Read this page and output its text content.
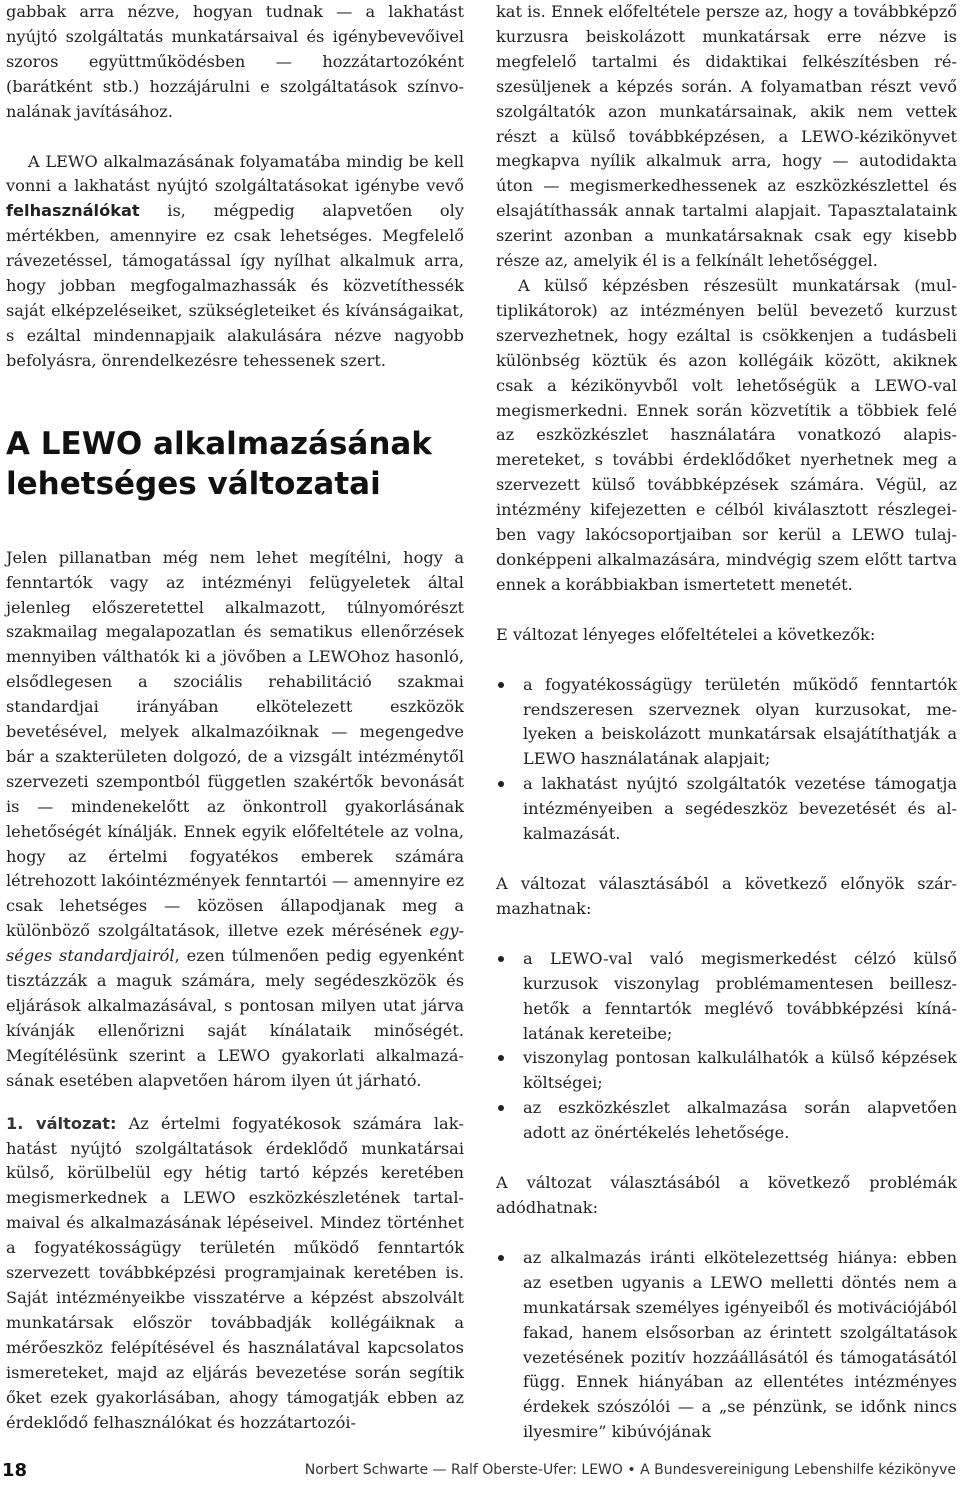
gabbak arra nézve, hogyan tudnak — a lakhatást nyújtó szolgáltatás munkatársaival és igénybevevőivel szoros együttműködésben — hozzátartozóként (barátként stb.) hozzájárulni e szolgáltatások színvonalának javításához.

A LEWO alkalmazásának folyamatába mindig be kell vonni a lakhatást nyújtó szolgáltatásokat igénybe vevő felhasználókat is, mégpedig alapvetően oly mértékben, amennyire ez csak lehetséges. Megfelelő rávezetéssel, támogatással így nyílhat alkalmuk arra, hogy jobban megfogalmazhassák és közvetíthessék saját elképzeléseiket, szükségleteiket és kívánságaikat, s ezáltal mindennapjaik alakulására nézve nagyobb befolyásra, önrendelkezésre tehessenek szert.

A LEWO alkalmazásának lehetséges változatai

Jelen pillanatban még nem lehet megítélni, hogy a fenntartók vagy az intézményi felügyeletek által jelenleg előszeretettel alkalmazott, túlnyomórészt szakmailag megalapozatlan és sematikus ellenőrzések mennyiben válthatók ki a jövőben a LEWOhoz hasonló, elsődlegesen a szociális rehabilitáció szakmai standardjai irányában elkötelezett eszközök bevetésével, melyek alkalmazóiknak — megengedve bár a szakterületen dolgozó, de a vizsgált intézménytől szervezeti szempontból független szakértők bevonását is — mindenekelőtt az önkontroll gyakorlásának lehetőségét kínálják. Ennek egyik előfeltétele az volna, hogy az értelmi fogyatékos emberek számára létrehozott lakóintézmények fenntartói — amennyire ez csak lehetséges — közösen állapodjanak meg a különböző szolgáltatások, illetve ezek mérésének egységes standardjairól, ezen túlmenően pedig egyenként tisztázzák a maguk számára, mely segédeszközök és eljárások alkalmazásával, s pontosan milyen utat járva kívánják ellenőrizni saját kínálataik minőségét. Megítélésünk szerint a LEWO gyakorlati alkalmazásának esetében alapvetően három ilyen út járható.

1. változat: Az értelmi fogyatékosok számára lakhatást nyújtó szolgáltatások érdeklődő munkatársai külső, körülbelül egy hétig tartó képzés keretében megismerkednek a LEWO eszközkészletének tartalmaival és alkalmazásának lépéseivel. Mindez történhet a fogyatékosságügy területén működő fenntartók szervezett továbbképzési programjainak keretében is. Saját intézményeikbe visszatérve a képzést abszolvált munkatársak először továbbadják kollégáiknak a mérőeszköz felépítésével és használatával kapcsolatos ismereteket, majd az eljárás bevezetése során segítik őket ezek gyakorlásában, ahogy támogatják ebben az érdeklődő felhasználókat és hozzátartozói-

kat is. Ennek előfeltétele persze az, hogy a továbbképző kurzusra beiskolázott munkatársak erre nézve is megfelelő tartalmi és didaktikai felkészítésben részesüljenek a képzés során. A folyamatban részt vevő szolgáltatók azon munkatársainak, akik nem vettek részt a külső továbbképzésen, a LEWO-kézikönyvet megkapva nyílik alkalmuk arra, hogy — autodidakta úton — megismerkedhessenek az eszközkészlettel és elsajátíthassák annak tartalmi alapjait. Tapasztalataink szerint azonban a munkatársaknak csak egy kisebb része az, amelyik él is a felkínált lehetőséggel.

A külső képzésben részesült munkatársak (multiplikátorok) az intézményen belül bevezető kurzust szervezhetnek, hogy ezáltal is csökkenjen a tudásbeli különbség köztük és azon kollégáik között, akiknek csak a kézikönyvből volt lehetőségük a LEWO-val megismerkedni. Ennek során közvetítik a többiek felé az eszközkészlet használatára vonatkozó alapismereteket, s további érdeklődőket nyerhetnek meg a szervezett külső továbbképzések számára. Végül, az intézmény kifejezetten e célból kiválasztott részlegeiben vagy lakócsoportjaiban sor kerül a LEWO tulajdonképpeni alkalmazására, mindvégig szem előtt tartva ennek a korábbiakban ismertetett menetét.

E változat lényeges előfeltételei a következők:

a fogyatékosságügy területén működő fenntartók rendszeresen szerveznek olyan kurzusokat, melyeken a beiskolázott munkatársak elsajátíthatják a LEWO használatának alapjait;
a lakhatást nyújtó szolgáltatók vezetése támogatja intézményeiben a segédeszköz bevezetését és alkalmazását.

A változat választásából a következő előnyök származhatnak:

a LEWO-val való megismerkedést célzó külső kurzusok viszonylag problémamentesen beilleszhetők a fenntartók meglévő továbbképzési kínálatának kereteibe;
viszonylag pontosan kalkulálhatók a külső képzések költségei;
az eszközkészlet alkalmazása során alapvetően adott az önértékelés lehetősége.

A változat választásából a következő problémák adódhatnak:

az alkalmazás iránti elkötelezettség hiánya: ebben az esetben ugyanis a LEWO melletti döntés nem a munkatársak személyes igényeiből és motivációjából fakad, hanem elsősorban az érintett szolgáltatások vezetésének pozitív hozzáállásától és támogatásától függ. Ennek hiányában az ellentétes intézményes érdekek szószólói — a „se pénzünk, se időnk nincs ilyesmire” kibúvójának
18	Norbert Schwarte — Ralf Oberste-Ufer: LEWO • A Bundesvereinigung Lebenshilfe kézikönyve
